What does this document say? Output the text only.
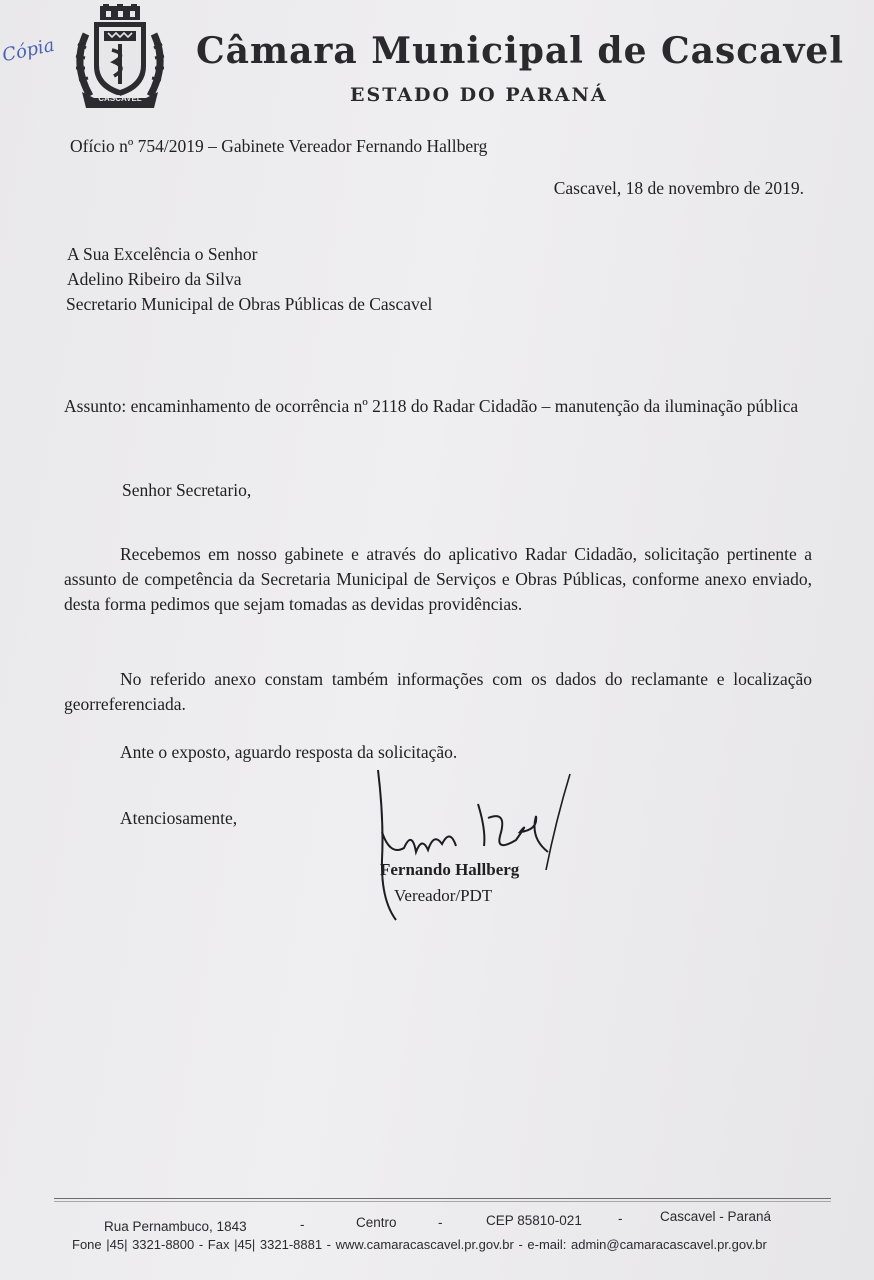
Cópia
CASCAVEL
Câmara Municipal de Cascavel
ESTADO DO PARANÁ
Ofício nº 754/2019 – Gabinete Vereador Fernando Hallberg
Cascavel, 18 de novembro de 2019.
A Sua Excelência o Senhor
Adelino Ribeiro da Silva
Secretario Municipal de Obras Públicas de Cascavel
Assunto: encaminhamento de ocorrência nº 2118 do Radar Cidadão – manutenção da iluminação pública
Senhor Secretario,
Recebemos em nosso gabinete e através do aplicativo Radar Cidadão, solicitação pertinente a assunto de competência da Secretaria Municipal de Serviços e Obras Públicas, conforme anexo enviado, desta forma pedimos que sejam tomadas as devidas providências.
No referido anexo constam também informações com os dados do reclamante e localização georreferenciada.
Ante o exposto, aguardo resposta da solicitação.
Atenciosamente,
Fernando Hallberg
Vereador/PDT
Rua Pernambuco, 1843	-	Centro	-	CEP 85810-021	-	Cascavel - Paraná
Fone |45| 3321-8800 - Fax |45| 3321-8881 - www.camaracascavel.pr.gov.br - e-mail: admin@camaracascavel.pr.gov.br
